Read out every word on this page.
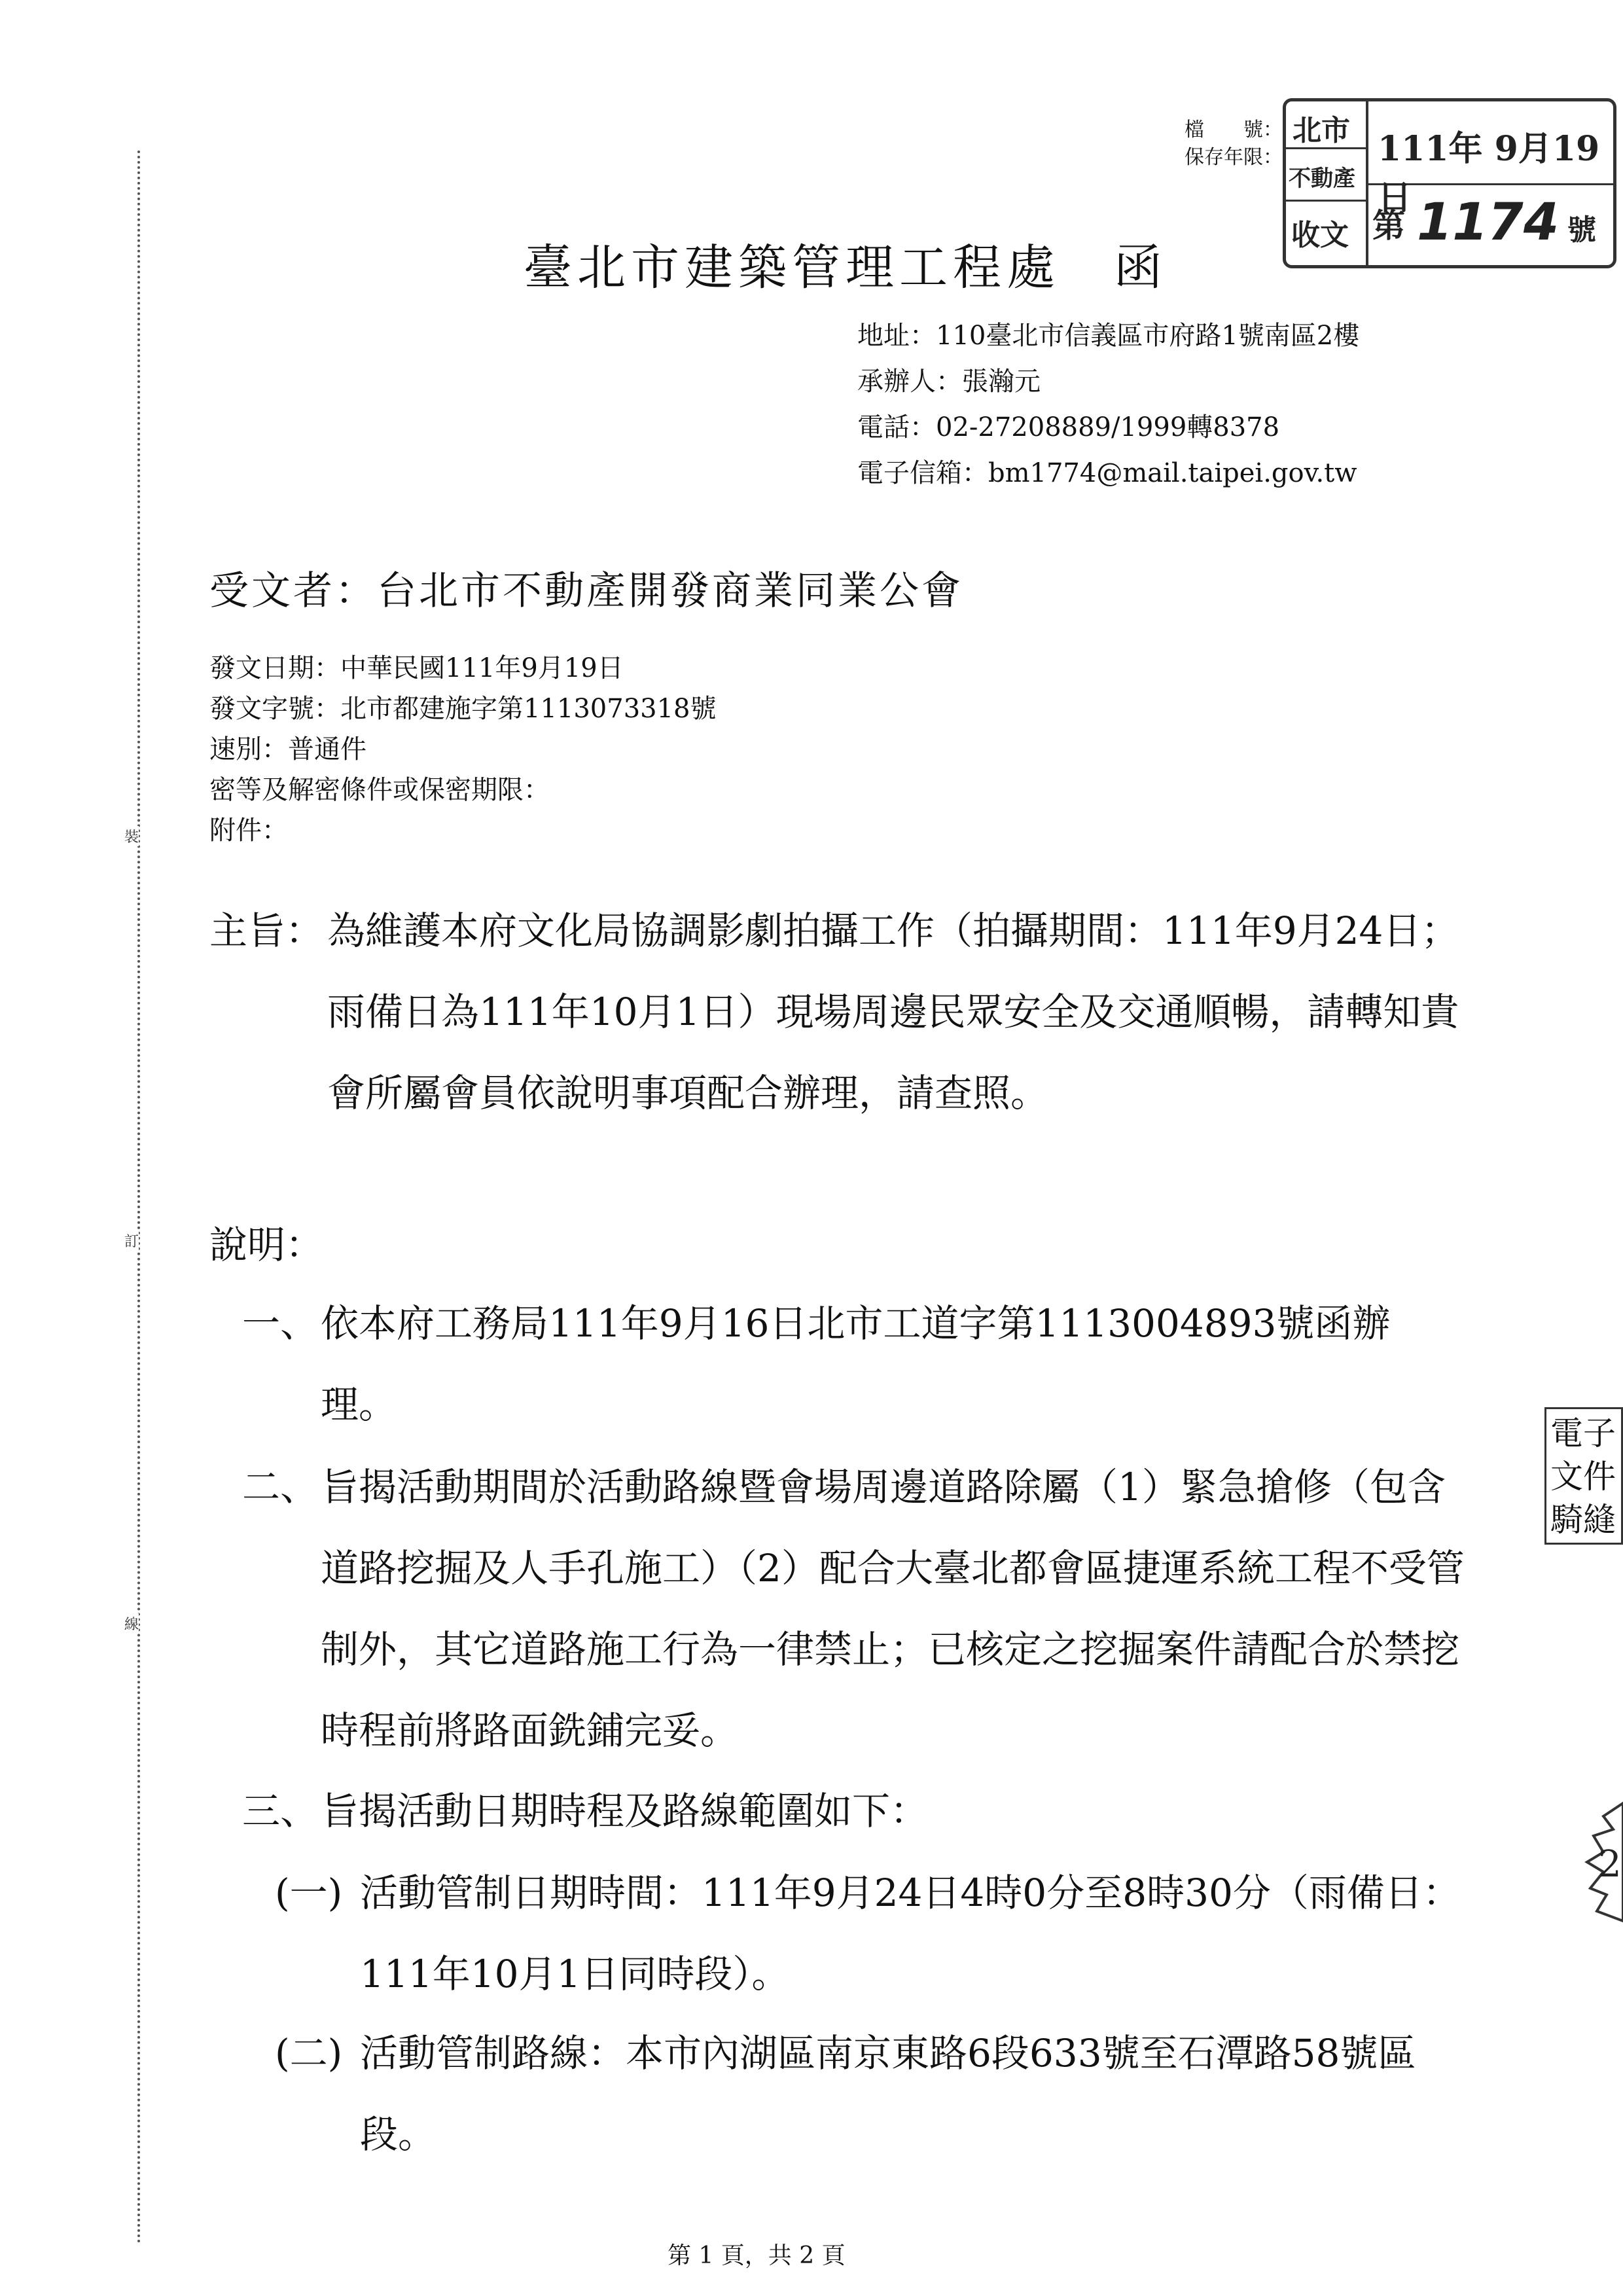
裝
訂
線
檔　　號：
保存年限：
北市
不動產
收文
111年 9月19日
第 1174 號
臺北市建築管理工程處　函
地址：110臺北市信義區市府路1號南區2樓
承辦人：張瀚元
電話：02-27208889/1999轉8378
電子信箱：bm1774@mail.taipei.gov.tw
受文者：台北市不動產開發商業同業公會
發文日期：中華民國111年9月19日
發文字號：北市都建施字第1113073318號
速別：普通件
密等及解密條件或保密期限：
附件：
主旨： 為維護本府文化局協調影劇拍攝工作（拍攝期間：111年9月24日；雨備日為111年10月1日）現場周邊民眾安全及交通順暢，請轉知貴會所屬會員依說明事項配合辦理，請查照。
說明：
一、 依本府工務局111年9月16日北市工道字第1113004893號函辦理。
二、 旨揭活動期間於活動路線暨會場周邊道路除屬（1）緊急搶修（包含道路挖掘及人手孔施工）（2）配合大臺北都會區捷運系統工程不受管制外，其它道路施工行為一律禁止；已核定之挖掘案件請配合於禁挖時程前將路面銑鋪完妥。
三、 旨揭活動日期時程及路線範圍如下：
(一) 活動管制日期時間：111年9月24日4時0分至8時30分（雨備日：111年10月1日同時段）。
(二) 活動管制路線：本市內湖區南京東路6段633號至石潭路58號區段。
電子文件騎縫
2
第 1 頁，共 2 頁
